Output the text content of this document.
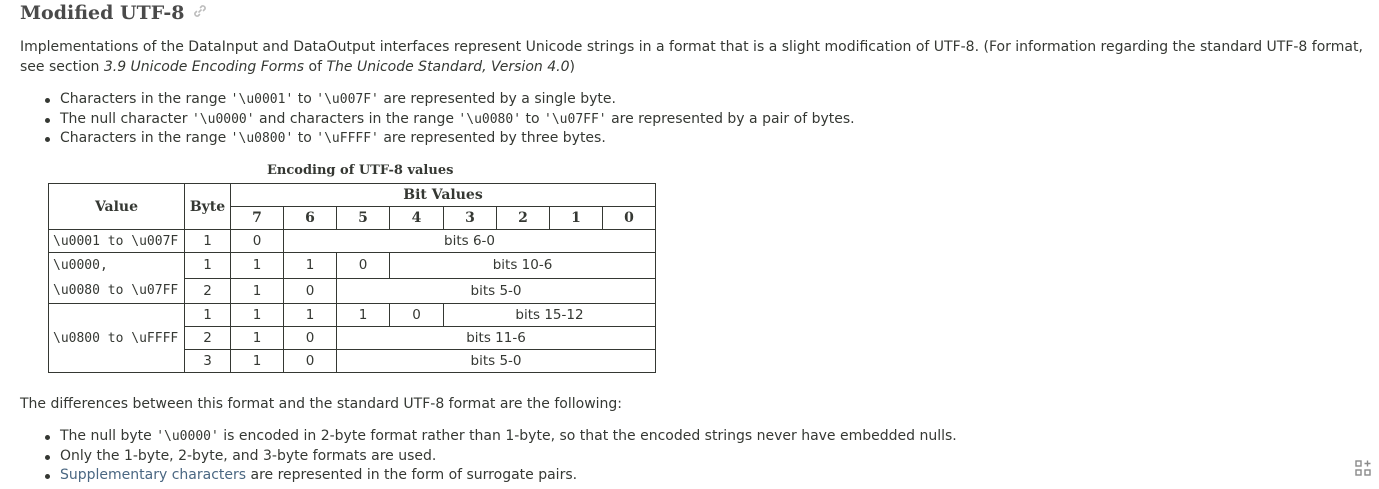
Modified UTF-8
Implementations of the DataInput and DataOutput interfaces represent Unicode strings in a format that is a slight modification of UTF-8. (For information regarding the standard UTF-8 format, see section 3.9 Unicode Encoding Forms of The Unicode Standard, Version 4.0)
Characters in the range '\u0001' to '\u007F' are represented by a single byte.
The null character '\u0000' and characters in the range '\u0080' to '\u07FF' are represented by a pair of bytes.
Characters in the range '\u0800' to '\uFFFF' are represented by three bytes.
Encoding of UTF-8 values
Value	Byte	Bit Values							
		7	6	5	4	3	2	1	0
\u0001 to \u007F	1	0	bits 6-0						
\u0000,
\u0080 to \u07FF	1	1	1	0	bits 10-6				
	2	1	0	bits 5-0					
\u0800 to \uFFFF	1	1	1	1	0	bits 15-12			
	2	1	0	bits 11-6					
	3	1	0	bits 5-0					
The differences between this format and the standard UTF-8 format are the following:
The null byte '\u0000' is encoded in 2-byte format rather than 1-byte, so that the encoded strings never have embedded nulls.
Only the 1-byte, 2-byte, and 3-byte formats are used.
Supplementary characters are represented in the form of surrogate pairs.
